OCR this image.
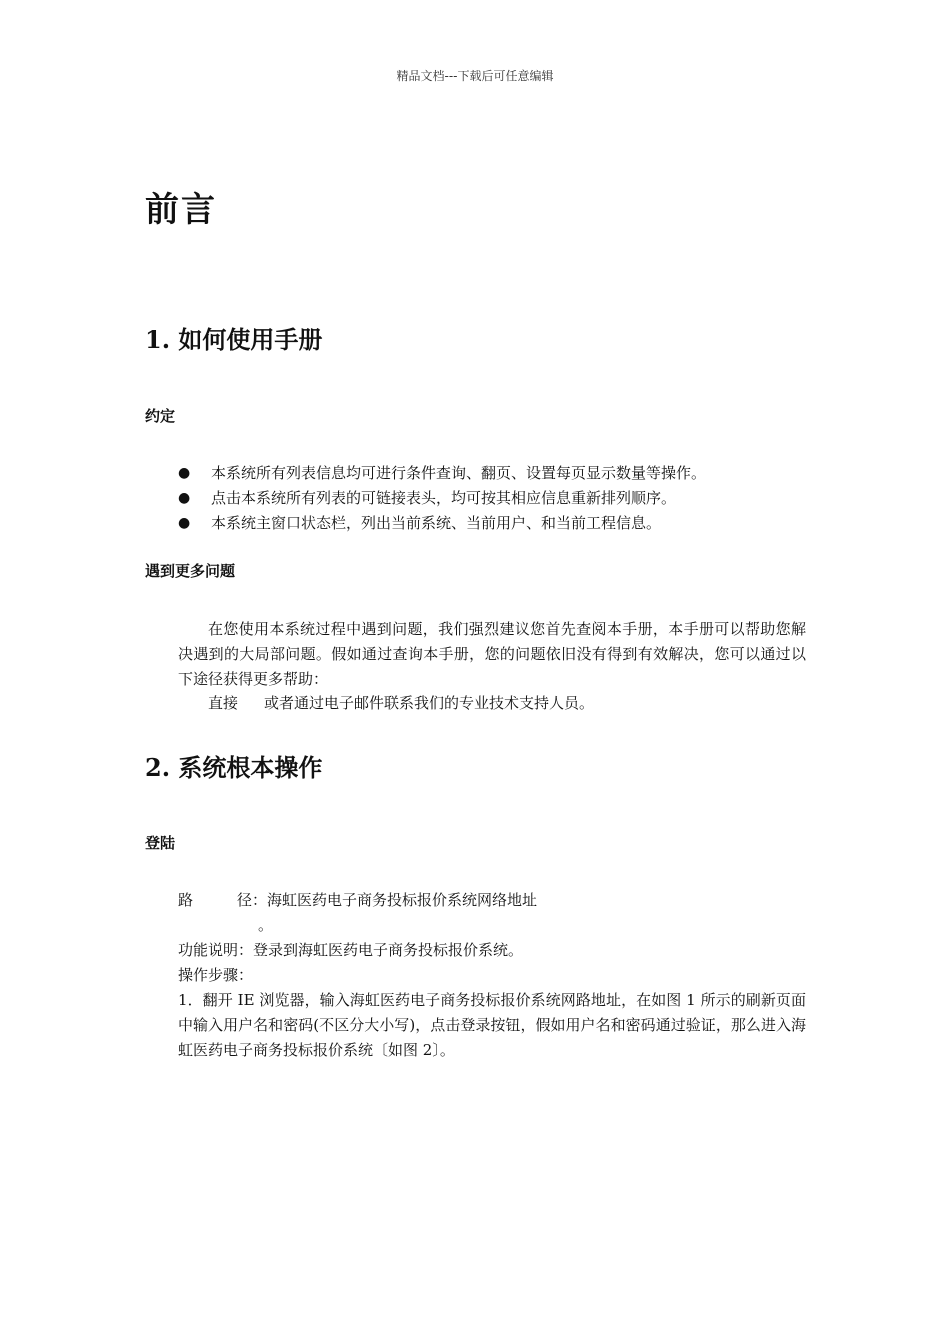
精品文档---下载后可任意编辑
前言
1. 如何使用手册
约定
● 本系统所有列表信息均可进行条件查询、翻页、设置每页显示数量等操作。
● 点击本系统所有列表的可链接表头，均可按其相应信息重新排列顺序。
● 本系统主窗口状态栏，列出当前系统、当前用户、和当前工程信息。
遇到更多问题

在您使用本系统过程中遇到问题，我们强烈建议您首先查阅本手册，本手册可以帮助您解决遇到的大局部问题。假如通过查询本手册，您的问题依旧没有得到有效解决，您可以通过以下途径获得更多帮助：

直接 或者通过电子邮件联系我们的专业技术支持人员。

2. 系统根本操作
登陆

路	径：海虹医药电子商务投标报价系统网络地址

。

功能说明：登录到海虹医药电子商务投标报价系统。

操作步骤：

1．翻开 IE 浏览器，输入海虹医药电子商务投标报价系统网路地址，在如图 1 所示的刷新页面中输入用户名和密码(不区分大小写)，点击登录按钮，假如用户名和密码通过验证，那么进入海虹医药电子商务投标报价系统〔如图 2〕。
